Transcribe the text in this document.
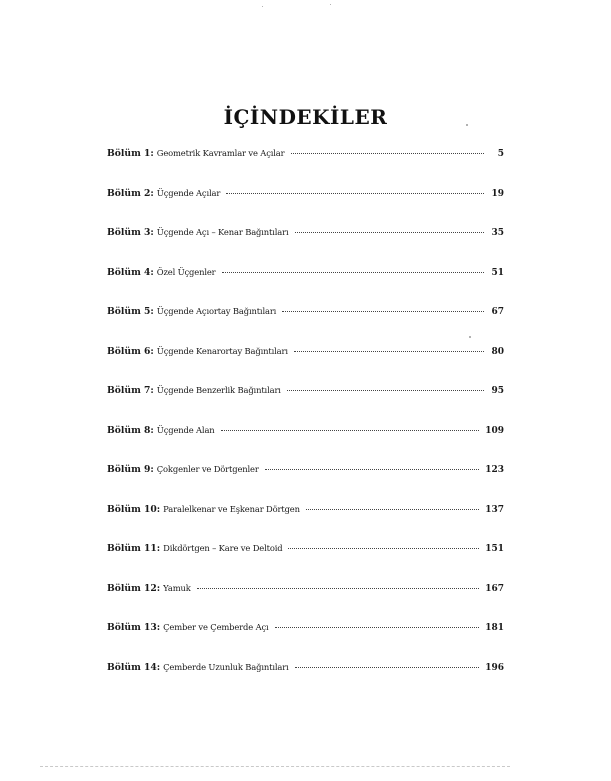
İÇİNDEKİLER
Bölüm 1: Geometrik Kavramlar ve Açılar	5
Bölüm 2: Üçgende Açılar	19
Bölüm 3: Üçgende Açı – Kenar Bağıntıları	35
Bölüm 4: Özel Üçgenler	51
Bölüm 5: Üçgende Açıortay Bağıntıları	67
Bölüm 6: Üçgende Kenarortay Bağıntıları	80
Bölüm 7: Üçgende Benzerlik Bağıntıları	95
Bölüm 8: Üçgende Alan	109
Bölüm 9: Çokgenler ve Dörtgenler	123
Bölüm 10: Paralelkenar ve Eşkenar Dörtgen	137
Bölüm 11: Dikdörtgen – Kare ve Deltoid	151
Bölüm 12: Yamuk	167
Bölüm 13: Çember ve Çemberde Açı	181
Bölüm 14: Çemberde Uzunluk Bağıntıları	196
